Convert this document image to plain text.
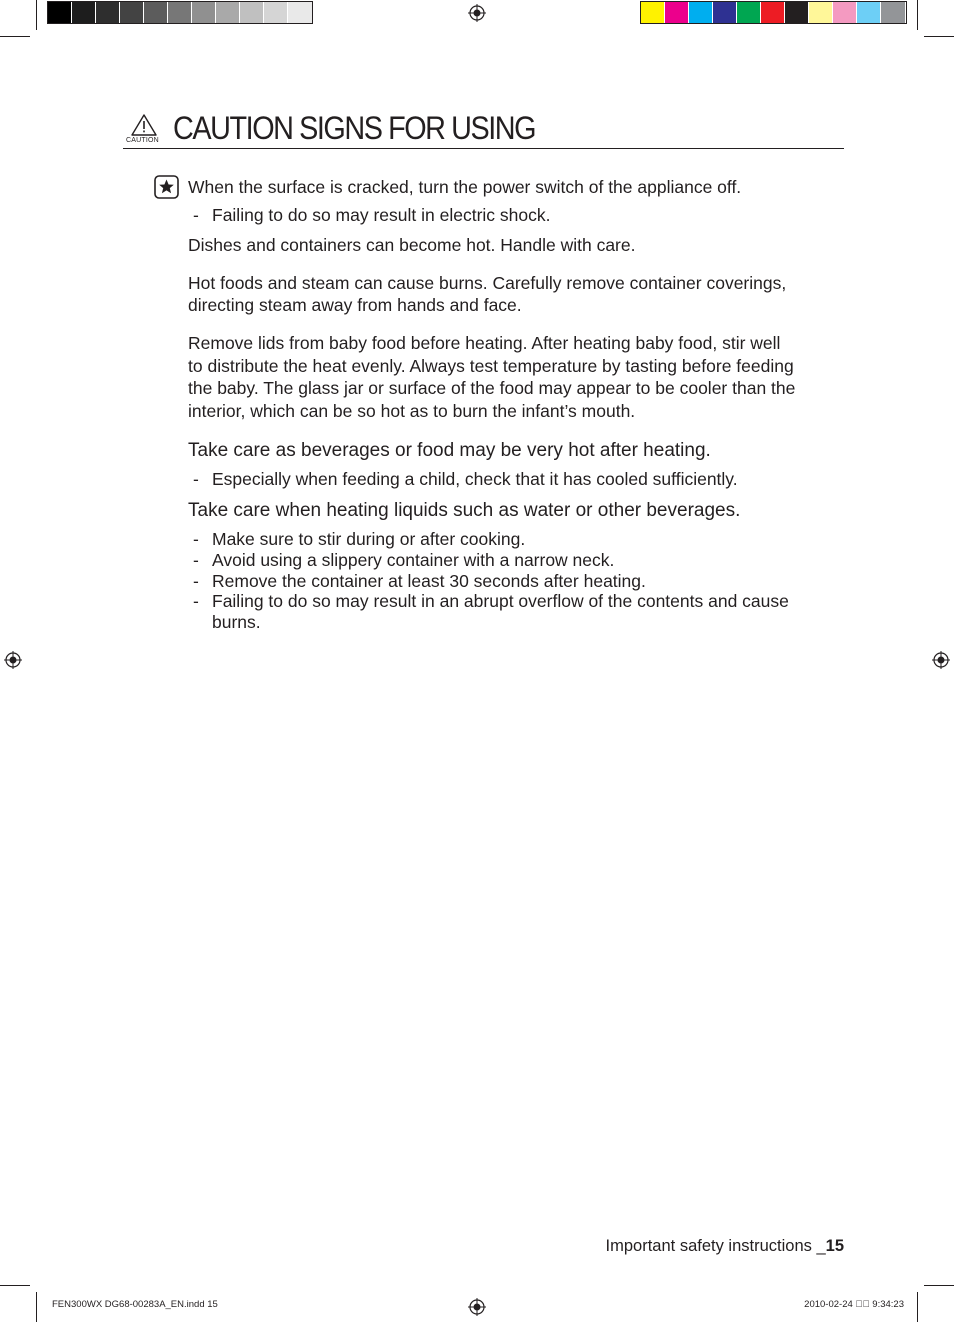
CAUTION CAUTION SIGNS FOR USING
When the surface is cracked, turn the power switch of the appliance off.
- Failing to do so may result in electric shock.
Dishes and containers can become hot. Handle with care.
Hot foods and steam can cause burns. Carefully remove container coverings,
directing steam away from hands and face.
Remove lids from baby food before heating. After heating baby food, stir well
to distribute the heat evenly. Always test temperature by tasting before feeding
the baby. The glass jar or surface of the food may appear to be cooler than the
interior, which can be so hot as to burn the infant’s mouth.
Take care as beverages or food may be very hot after heating.
- Especially when feeding a child, check that it has cooled sufficiently.
Take care when heating liquids such as water or other beverages.
- Make sure to stir during or after cooking.
- Avoid using a slippery container with a narrow neck.
- Remove the container at least 30 seconds after heating.
- Failing to do so may result in an abrupt overflow of the contents and cause
burns.
Important safety instructions _15
FEN300WX DG68-00283A_EN.indd 15	2010-02-24 ￿￿ 9:34:23
